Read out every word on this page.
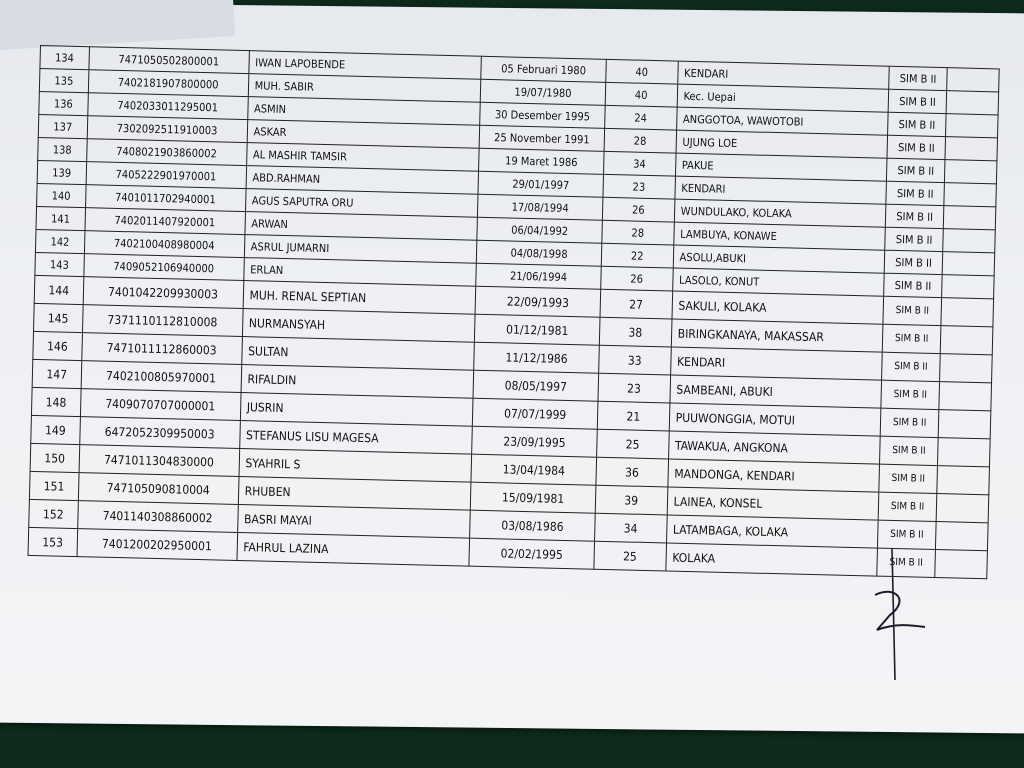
134	7471050502800001	IWAN LAPOBENDE	05 Februari 1980	40	KENDARI	SIM B II	
135	7402181907800000	MUH. SABIR	19/07/1980	40	Kec. Uepai	SIM B II	
136	7402033011295001	ASMIN	30 Desember 1995	24	ANGGOTOA, WAWOTOBI	SIM B II	
137	7302092511910003	ASKAR	25 November 1991	28	UJUNG LOE	SIM B II	
138	7408021903860002	AL MASHIR TAMSIR	19 Maret 1986	34	PAKUE	SIM B II	
139	7405222901970001	ABD.RAHMAN	29/01/1997	23	KENDARI	SIM B II	
140	7401011702940001	AGUS SAPUTRA ORU	17/08/1994	26	WUNDULAKO, KOLAKA	SIM B II	
141	7402011407920001	ARWAN	06/04/1992	28	LAMBUYA, KONAWE	SIM B II	
142	7402100408980004	ASRUL JUMARNI	04/08/1998	22	ASOLU,ABUKI	SIM B II	
143	7409052106940000	ERLAN	21/06/1994	26	LASOLO, KONUT	SIM B II	
144	7401042209930003	MUH. RENAL SEPTIAN	22/09/1993	27	SAKULI, KOLAKA	SIM B II	
145	7371110112810008	NURMANSYAH	01/12/1981	38	BIRINGKANAYA, MAKASSAR	SIM B II	
146	7471011112860003	SULTAN	11/12/1986	33	KENDARI	SIM B II	
147	7402100805970001	RIFALDIN	08/05/1997	23	SAMBEANI, ABUKI	SIM B II	
148	7409070707000001	JUSRIN	07/07/1999	21	PUUWONGGIA, MOTUI	SIM B II	
149	6472052309950003	STEFANUS LISU MAGESA	23/09/1995	25	TAWAKUA, ANGKONA	SIM B II	
150	7471011304830000	SYAHRIL S	13/04/1984	36	MANDONGA, KENDARI	SIM B II	
151	747105090810004	RHUBEN	15/09/1981	39	LAINEA, KONSEL	SIM B II	
152	7401140308860002	BASRI MAYAI	03/08/1986	34	LATAMBAGA, KOLAKA	SIM B II	
153	7401200202950001	FAHRUL LAZINA	02/02/1995	25	KOLAKA	SIM B II	
